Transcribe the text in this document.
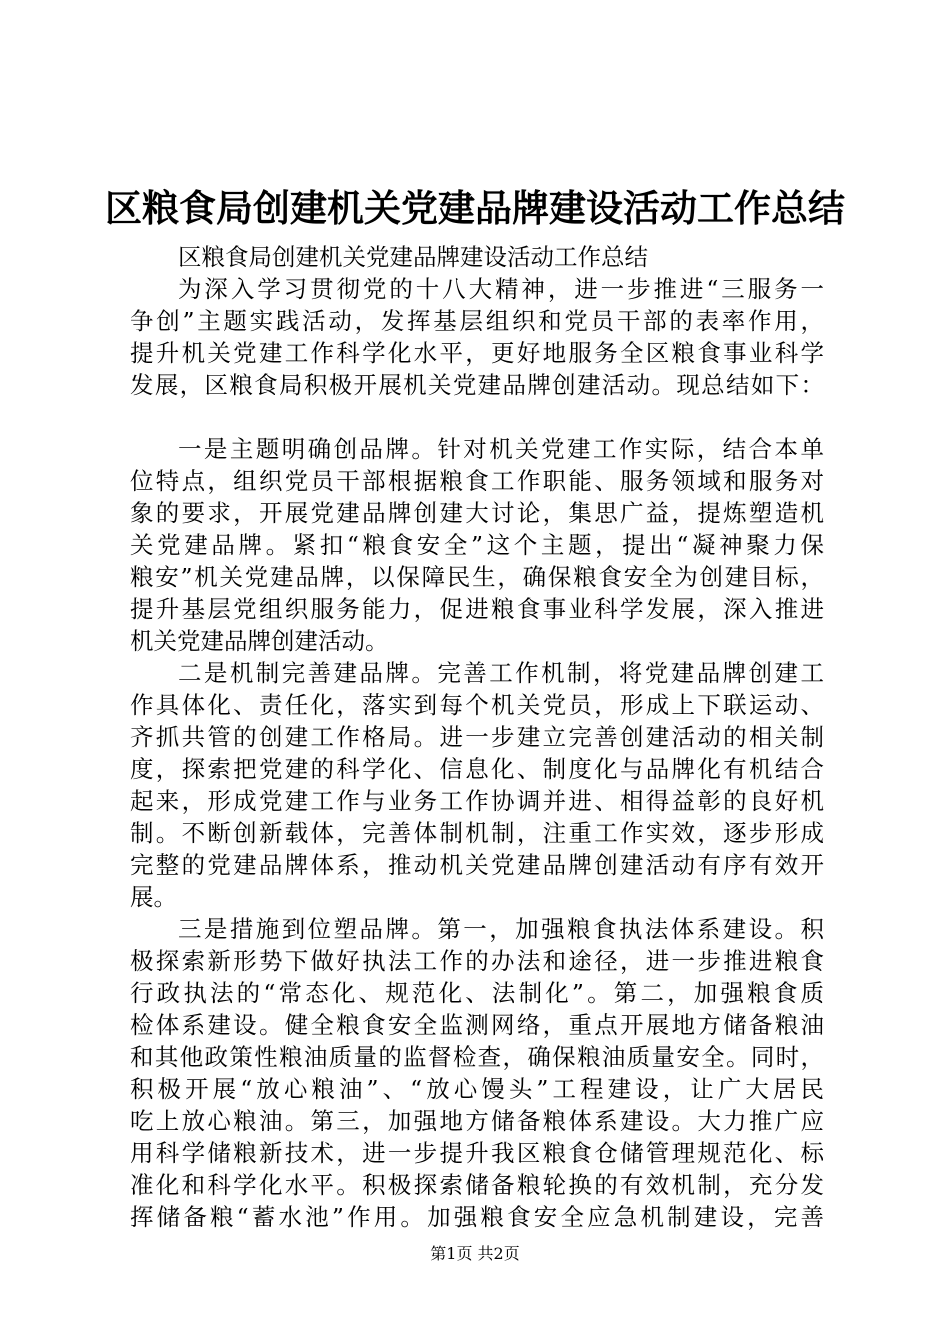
区粮食局创建机关党建品牌建设活动工作总结
区粮食局创建机关党建品牌建设活动工作总结
为深入学习贯彻党的十八大精神，进一步推进“三服务一
争创”主题实践活动，发挥基层组织和党员干部的表率作用，
提升机关党建工作科学化水平，更好地服务全区粮食事业科学
发展，区粮食局积极开展机关党建品牌创建活动。现总结如下：
一是主题明确创品牌。针对机关党建工作实际，结合本单
位特点，组织党员干部根据粮食工作职能、服务领域和服务对
象的要求，开展党建品牌创建大讨论，集思广益，提炼塑造机
关党建品牌。紧扣“粮食安全”这个主题，提出“凝神聚力保
粮安”机关党建品牌，以保障民生，确保粮食安全为创建目标，
提升基层党组织服务能力，促进粮食事业科学发展，深入推进
机关党建品牌创建活动。
二是机制完善建品牌。完善工作机制，将党建品牌创建工
作具体化、责任化，落实到每个机关党员，形成上下联运动、
齐抓共管的创建工作格局。进一步建立完善创建活动的相关制
度，探索把党建的科学化、信息化、制度化与品牌化有机结合
起来，形成党建工作与业务工作协调并进、相得益彰的良好机
制。不断创新载体，完善体制机制，注重工作实效，逐步形成
完整的党建品牌体系，推动机关党建品牌创建活动有序有效开
展。
三是措施到位塑品牌。第一，加强粮食执法体系建设。积
极探索新形势下做好执法工作的办法和途径，进一步推进粮食
行政执法的“常态化、规范化、法制化”。第二，加强粮食质
检体系建设。健全粮食安全监测网络，重点开展地方储备粮油
和其他政策性粮油质量的监督检查，确保粮油质量安全。同时，
积极开展“放心粮油”、“放心馒头”工程建设，让广大居民
吃上放心粮油。第三，加强地方储备粮体系建设。大力推广应
用科学储粮新技术，进一步提升我区粮食仓储管理规范化、标
准化和科学化水平。积极探索储备粮轮换的有效机制，充分发
挥储备粮“蓄水池”作用。加强粮食安全应急机制建设，完善
第1页 共2页
